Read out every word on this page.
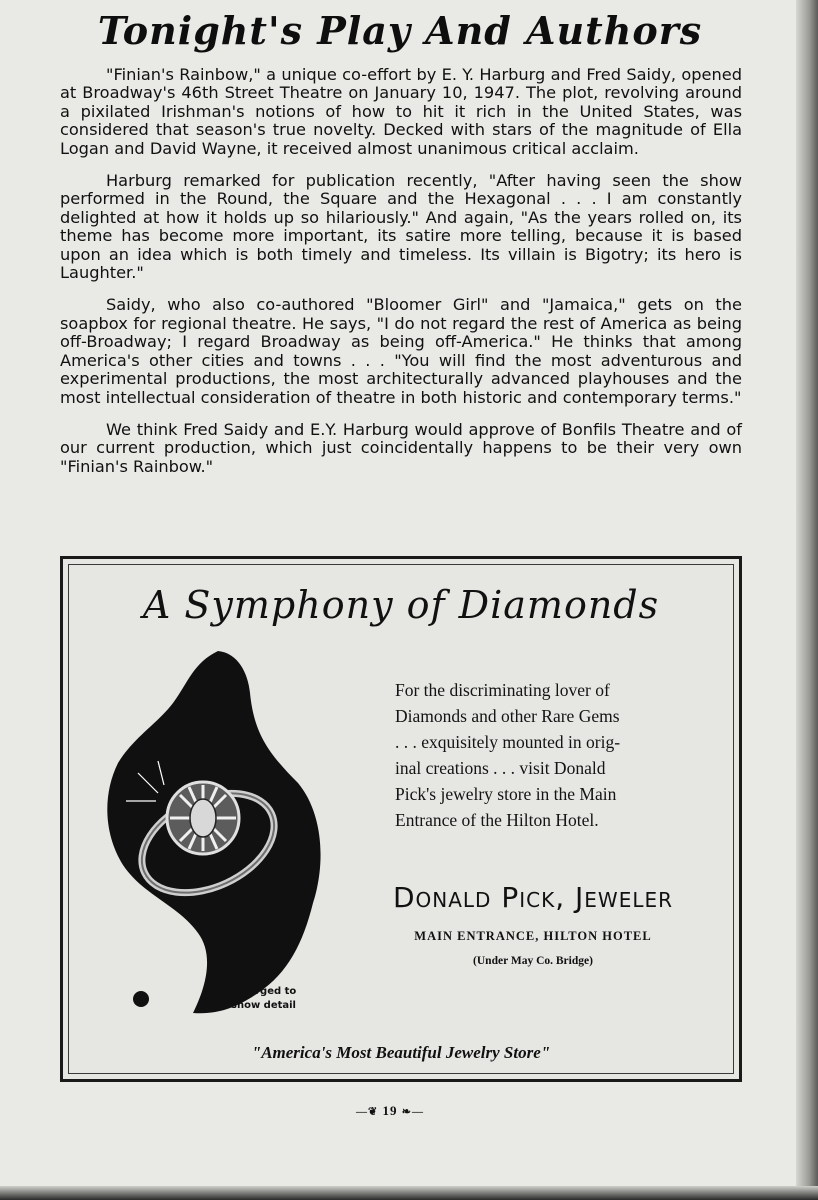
Tonight's Play And Authors

"Finian's Rainbow," a unique co-effort by E. Y. Harburg and Fred Saidy, opened at Broadway's 46th Street Theatre on January 10, 1947. The plot, revolving around a pixilated Irishman's notions of how to hit it rich in the United States, was considered that season's true novelty. Decked with stars of the magnitude of Ella Logan and David Wayne, it received almost unanimous critical acclaim.

Harburg remarked for publication recently, "After having seen the show performed in the Round, the Square and the Hexagonal . . . I am constantly delighted at how it holds up so hilariously." And again, "As the years rolled on, its theme has become more important, its satire more telling, because it is based upon an idea which is both timely and timeless. Its villain is Bigotry; its hero is Laughter."

Saidy, who also co-authored "Bloomer Girl" and "Jamaica," gets on the soapbox for regional theatre. He says, "I do not regard the rest of America as being off-Broadway; I regard Broadway as being off-America." He thinks that among America's other cities and towns . . . "You will find the most adventurous and experimental productions, the most architecturally advanced playhouses and the most intellectual consideration of theatre in both historic and contemporary terms."

We think Fred Saidy and E.Y. Harburg would approve of Bonfils Theatre and of our current production, which just coincidentally happens to be their very own "Finian's Rainbow."

A Symphony of Diamonds
For the discriminating lover of
Diamonds and other Rare Gems
. . . exquisitely mounted in orig-
inal creations . . . visit Donald
Pick's jewelry store in the Main
Entrance of the Hilton Hotel.
Donald Pick, Jeweler
MAIN ENTRANCE, HILTON HOTEL
(Under May Co. Bridge)
Enlarged to
show detail
"America's Most Beautiful Jewelry Store"
—❦ 19 ❧—
